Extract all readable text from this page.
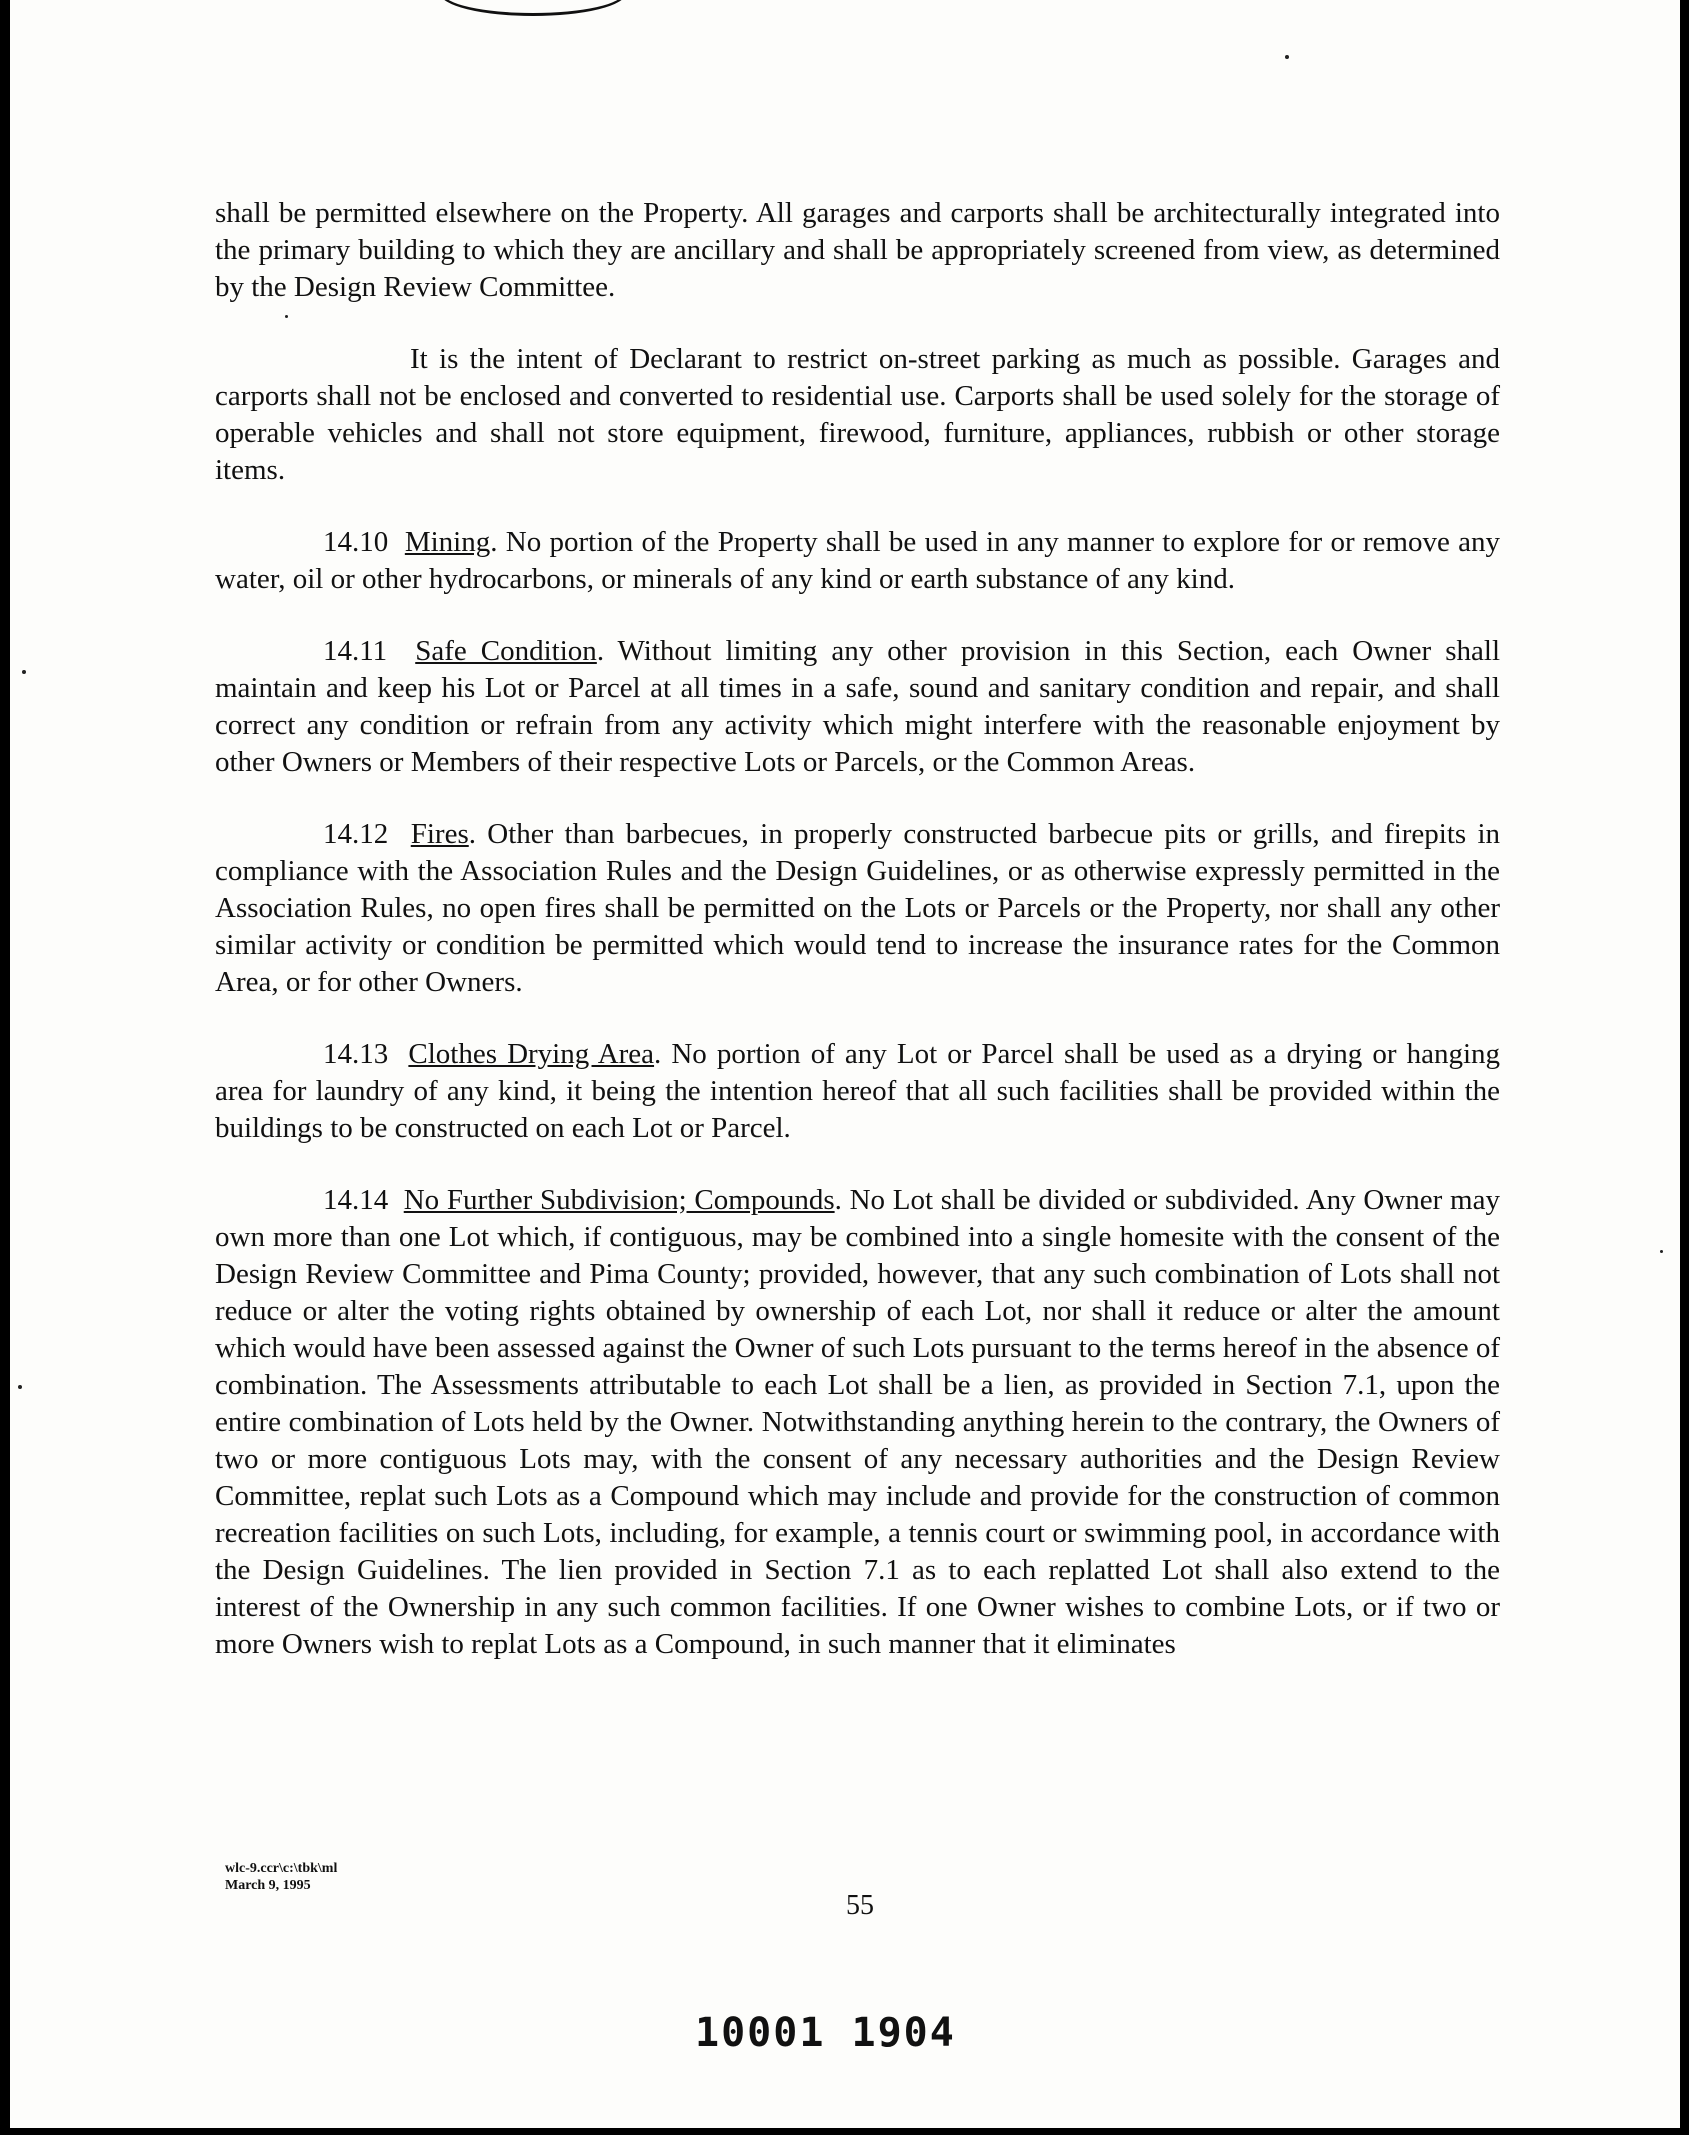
shall be permitted elsewhere on the Property. All garages and carports shall be architecturally integrated into the primary building to which they are ancillary and shall be appropriately screened from view, as determined by the Design Review Committee.

It is the intent of Declarant to restrict on-street parking as much as possible. Garages and carports shall not be enclosed and converted to residential use. Carports shall be used solely for the storage of operable vehicles and shall not store equipment, firewood, furniture, appliances, rubbish or other storage items.

14.10 Mining. No portion of the Property shall be used in any manner to explore for or remove any water, oil or other hydrocarbons, or minerals of any kind or earth substance of any kind.

14.11 Safe Condition. Without limiting any other provision in this Section, each Owner shall maintain and keep his Lot or Parcel at all times in a safe, sound and sanitary condition and repair, and shall correct any condition or refrain from any activity which might interfere with the reasonable enjoyment by other Owners or Members of their respective Lots or Parcels, or the Common Areas.

14.12 Fires. Other than barbecues, in properly constructed barbecue pits or grills, and firepits in compliance with the Association Rules and the Design Guidelines, or as otherwise expressly permitted in the Association Rules, no open fires shall be permitted on the Lots or Parcels or the Property, nor shall any other similar activity or condition be permitted which would tend to increase the insurance rates for the Common Area, or for other Owners.

14.13 Clothes Drying Area. No portion of any Lot or Parcel shall be used as a drying or hanging area for laundry of any kind, it being the intention hereof that all such facilities shall be provided within the buildings to be constructed on each Lot or Parcel.

14.14 No Further Subdivision; Compounds. No Lot shall be divided or subdivided. Any Owner may own more than one Lot which, if contiguous, may be combined into a single homesite with the consent of the Design Review Committee and Pima County; provided, however, that any such combination of Lots shall not reduce or alter the voting rights obtained by ownership of each Lot, nor shall it reduce or alter the amount which would have been assessed against the Owner of such Lots pursuant to the terms hereof in the absence of combination. The Assessments attributable to each Lot shall be a lien, as provided in Section 7.1, upon the entire combination of Lots held by the Owner. Notwithstanding anything herein to the contrary, the Owners of two or more contiguous Lots may, with the consent of any necessary authorities and the Design Review Committee, replat such Lots as a Compound which may include and provide for the construction of common recreation facilities on such Lots, including, for example, a tennis court or swimming pool, in accordance with the Design Guidelines. The lien provided in Section 7.1 as to each replatted Lot shall also extend to the interest of the Ownership in any such common facilities. If one Owner wishes to combine Lots, or if two or more Owners wish to replat Lots as a Compound, in such manner that it eliminates

wlc-9.ccr\c:\tbk\ml
March 9, 1995
55
10001 1904
